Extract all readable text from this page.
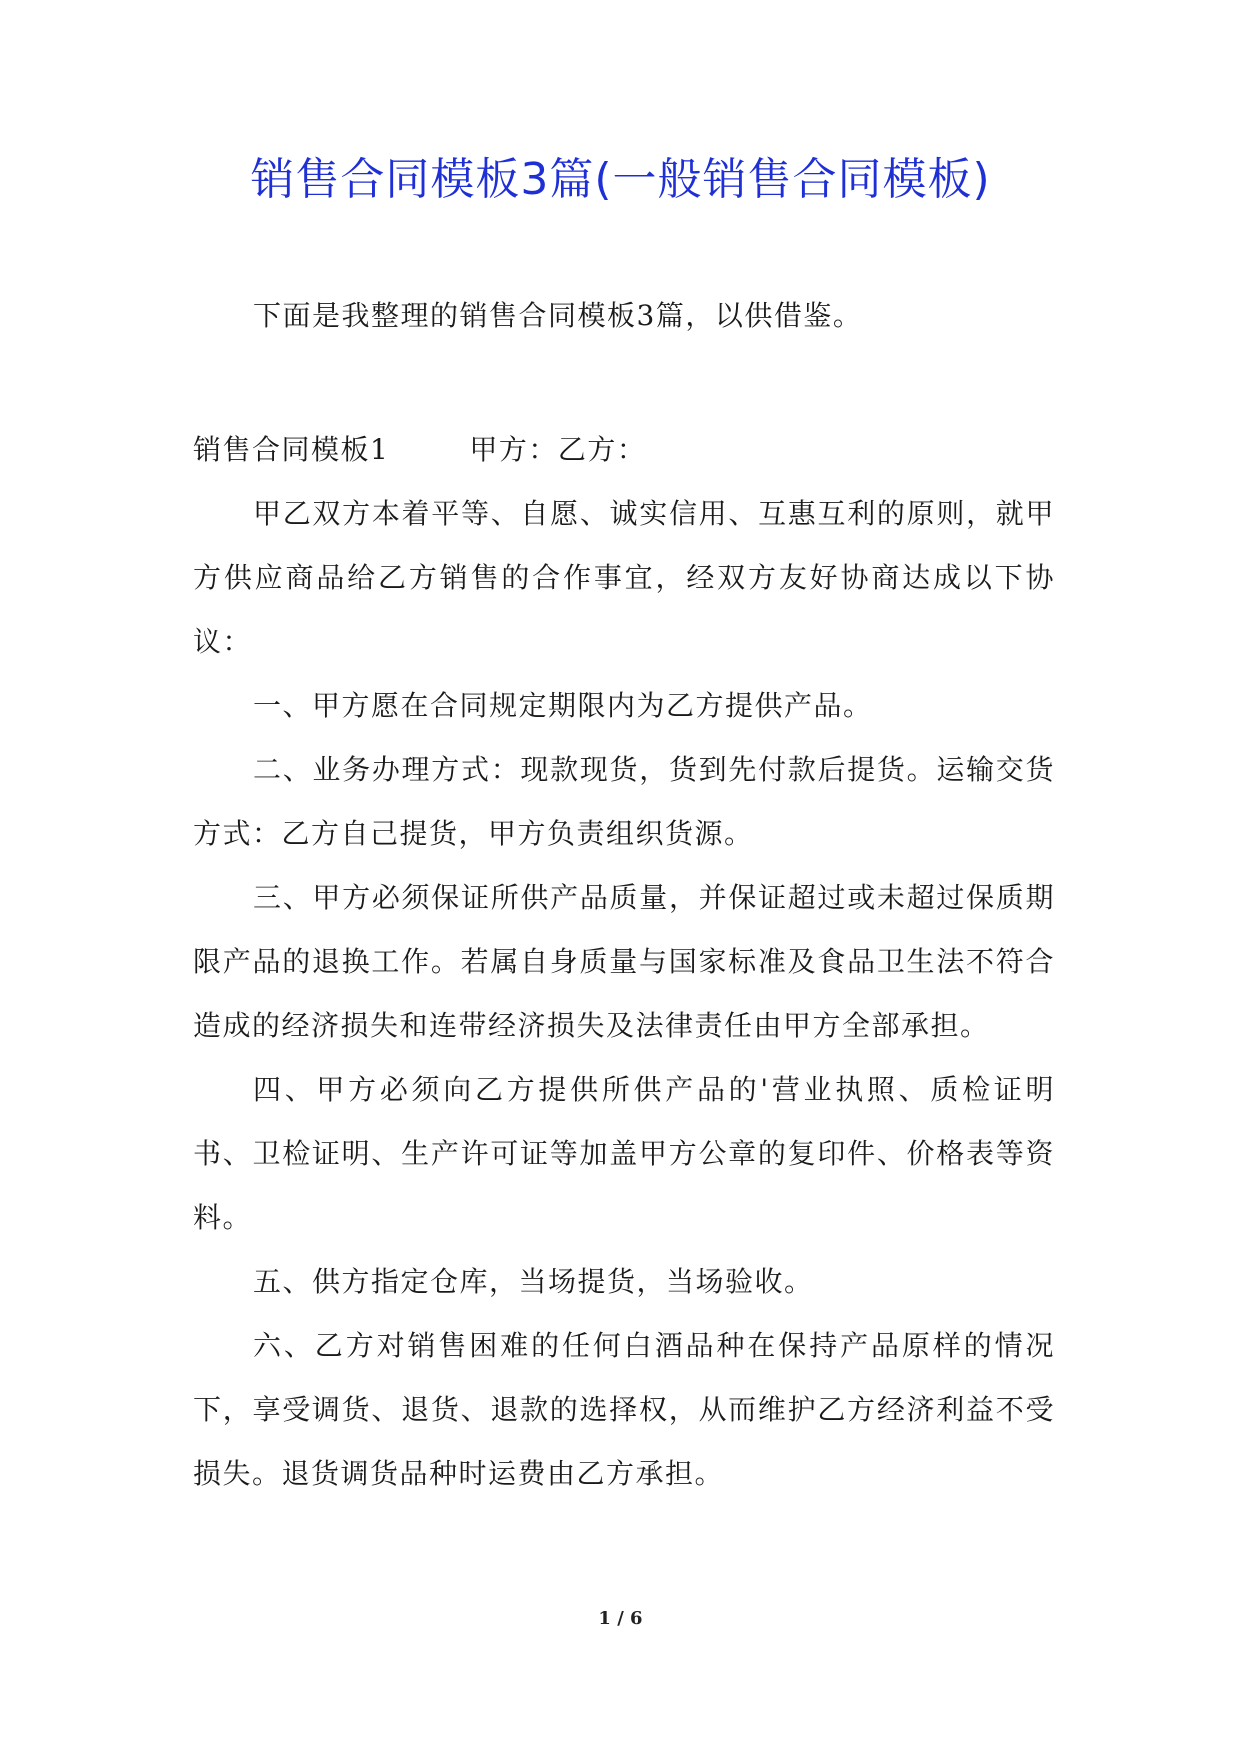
销售合同模板3篇(一般销售合同模板)
下面是我整理的销售合同模板3篇，以供借鉴。

销售合同模板1	甲方：乙方：

甲乙双方本着平等、自愿、诚实信用、互惠互利的原则，就甲方供应商品给乙方销售的合作事宜，经双方友好协商达成以下协议：

一、甲方愿在合同规定期限内为乙方提供产品。

二、业务办理方式：现款现货，货到先付款后提货。运输交货方式：乙方自己提货，甲方负责组织货源。

三、甲方必须保证所供产品质量，并保证超过或未超过保质期限产品的退换工作。若属自身质量与国家标准及食品卫生法不符合造成的经济损失和连带经济损失及法律责任由甲方全部承担。

四、甲方必须向乙方提供所供产品的'营业执照、质检证明书、卫检证明、生产许可证等加盖甲方公章的复印件、价格表等资料。

五、供方指定仓库，当场提货，当场验收。

六、乙方对销售困难的任何白酒品种在保持产品原样的情况下，享受调货、退货、退款的选择权，从而维护乙方经济利益不受损失。退货调货品种时运费由乙方承担。

1 / 6
